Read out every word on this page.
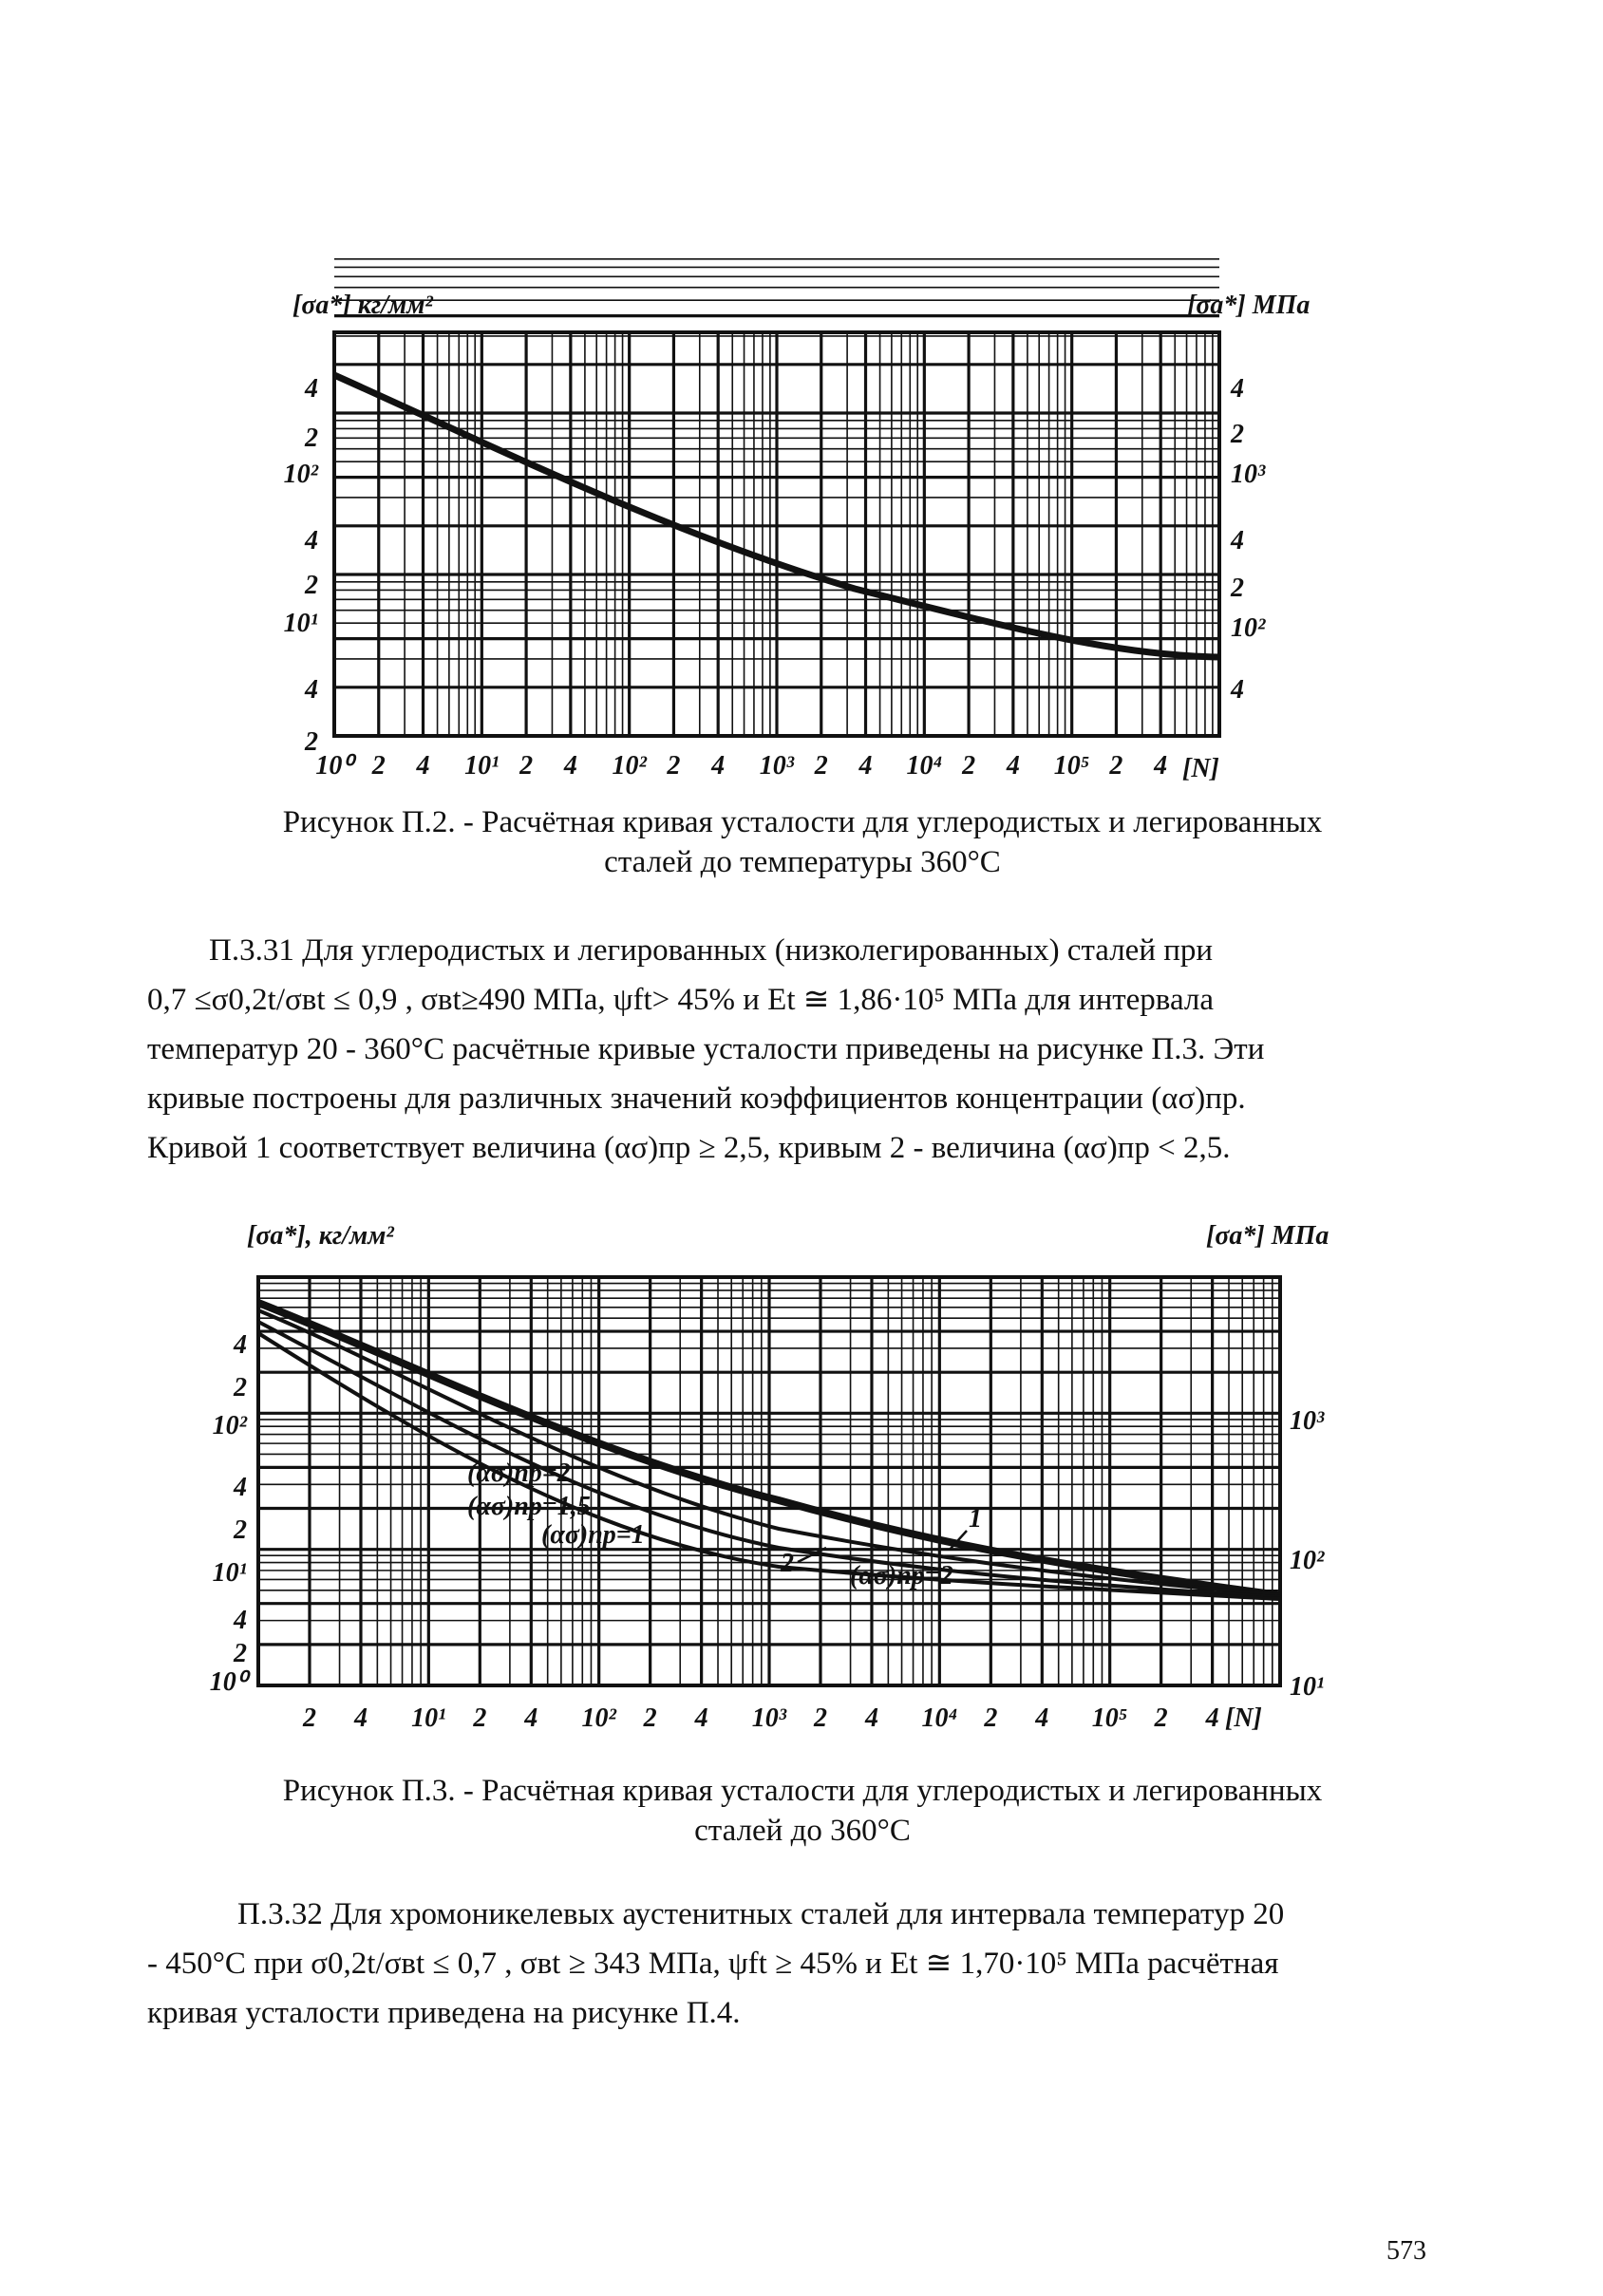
[σa*] кг/мм²	[σa*] МПа
4
2
10²
4
2
10¹
4
2
4
2
10³
4
2
10²
4
10⁰ 2 4 10¹ 2 4 10² 2 4 10³ 2 4 10⁴ 2 4 10⁵ 2 4 [N]
Рисунок П.2. - Расчётная кривая усталости для углеродистых и легированных
сталей до температуры 360°С
П.3.31 Для углеродистых и легированных (низколегированных) сталей при
0,7 ≤σ0,2t/σвt ≤ 0,9 , σвt≥490 МПа, ψft> 45% и Et ≅ 1,86·10⁵ МПа для интервала
температур 20 - 360°С расчётные кривые усталости приведены на рисунке П.3. Эти
кривые построены для различных значений коэффициентов концентрации (ασ)пр.
Кривой 1 соответствует величина (ασ)пр ≥ 2,5, кривым 2 - величина (ασ)пр < 2,5.
[σa*], кг/мм²	[σa*] МПа
4
2
10²
4
2
10¹
4
2
10⁰
10³
10²
10¹
2 4 10¹ 2 4 10² 2 4 10³ 2 4 10⁴ 2 4 10⁵ 2 4 [N]
(ασ)пр=2
(ασ)пр=1,5
(ασ)пр=1
2 (ασ)пр=2
1
Рисунок П.3. - Расчётная кривая усталости для углеродистых и легированных
сталей до 360°С
П.3.32 Для хромоникелевых аустенитных сталей для интервала температур 20
- 450°С при σ0,2t/σвt ≤ 0,7 , σвt ≥ 343 МПа, ψft ≥ 45% и Et ≅ 1,70·10⁵ МПа расчётная
кривая усталости приведена на рисунке П.4.
573
